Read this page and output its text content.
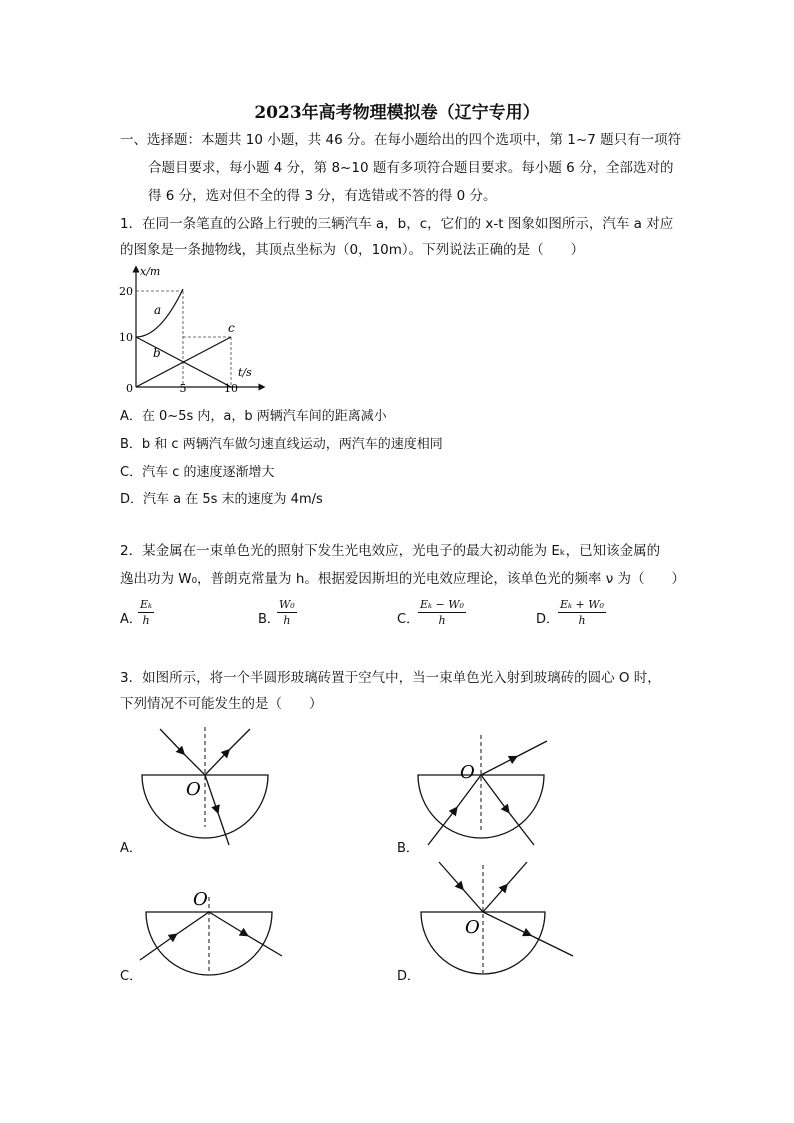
2023年高考物理模拟卷（辽宁专用）
一、选择题：本题共 10 小题，共 46 分。在每小题给出的四个选项中，第 1~7 题只有一项符
合题目要求，每小题 4 分，第 8~10 题有多项符合题目要求。每小题 6 分，全部选对的
得 6 分，选对但不全的得 3 分，有选错或不答的得 0 分。
1．在同一条笔直的公路上行驶的三辆汽车 a，b，c，它们的 x-t 图象如图所示，汽车 a 对应
的图象是一条抛物线，其顶点坐标为（0，10m）。下列说法正确的是（　　）
x/m
t/s
20
10
0	5	10
a
b
c
A．在 0~5s 内，a，b 两辆汽车间的距离减小
B．b 和 c 两辆汽车做匀速直线运动，两汽车的速度相同
C．汽车 c 的速度逐渐增大
D．汽车 a 在 5s 末的速度为 4m/s
2．某金属在一束单色光的照射下发生光电效应，光电子的最大初动能为 Eₖ，已知该金属的
逸出功为 W₀，普朗克常量为 h。根据爱因斯坦的光电效应理论，该单色光的频率 ν 为（　　）
A．
$\frac{\text{Eₖ}}{h}$	B．
$\frac{\text{W₀}}{h}$	C．
$\frac{\text{Eₖ − W₀}}{h}$	D．
$\frac{\text{Eₖ + W₀}}{h}$
3．如图所示，将一个半圆形玻璃砖置于空气中，当一束单色光入射到玻璃砖的圆心 O 时，
下列情况不可能发生的是（　　）
O
O
O
O
A．	B．
C．	D．
